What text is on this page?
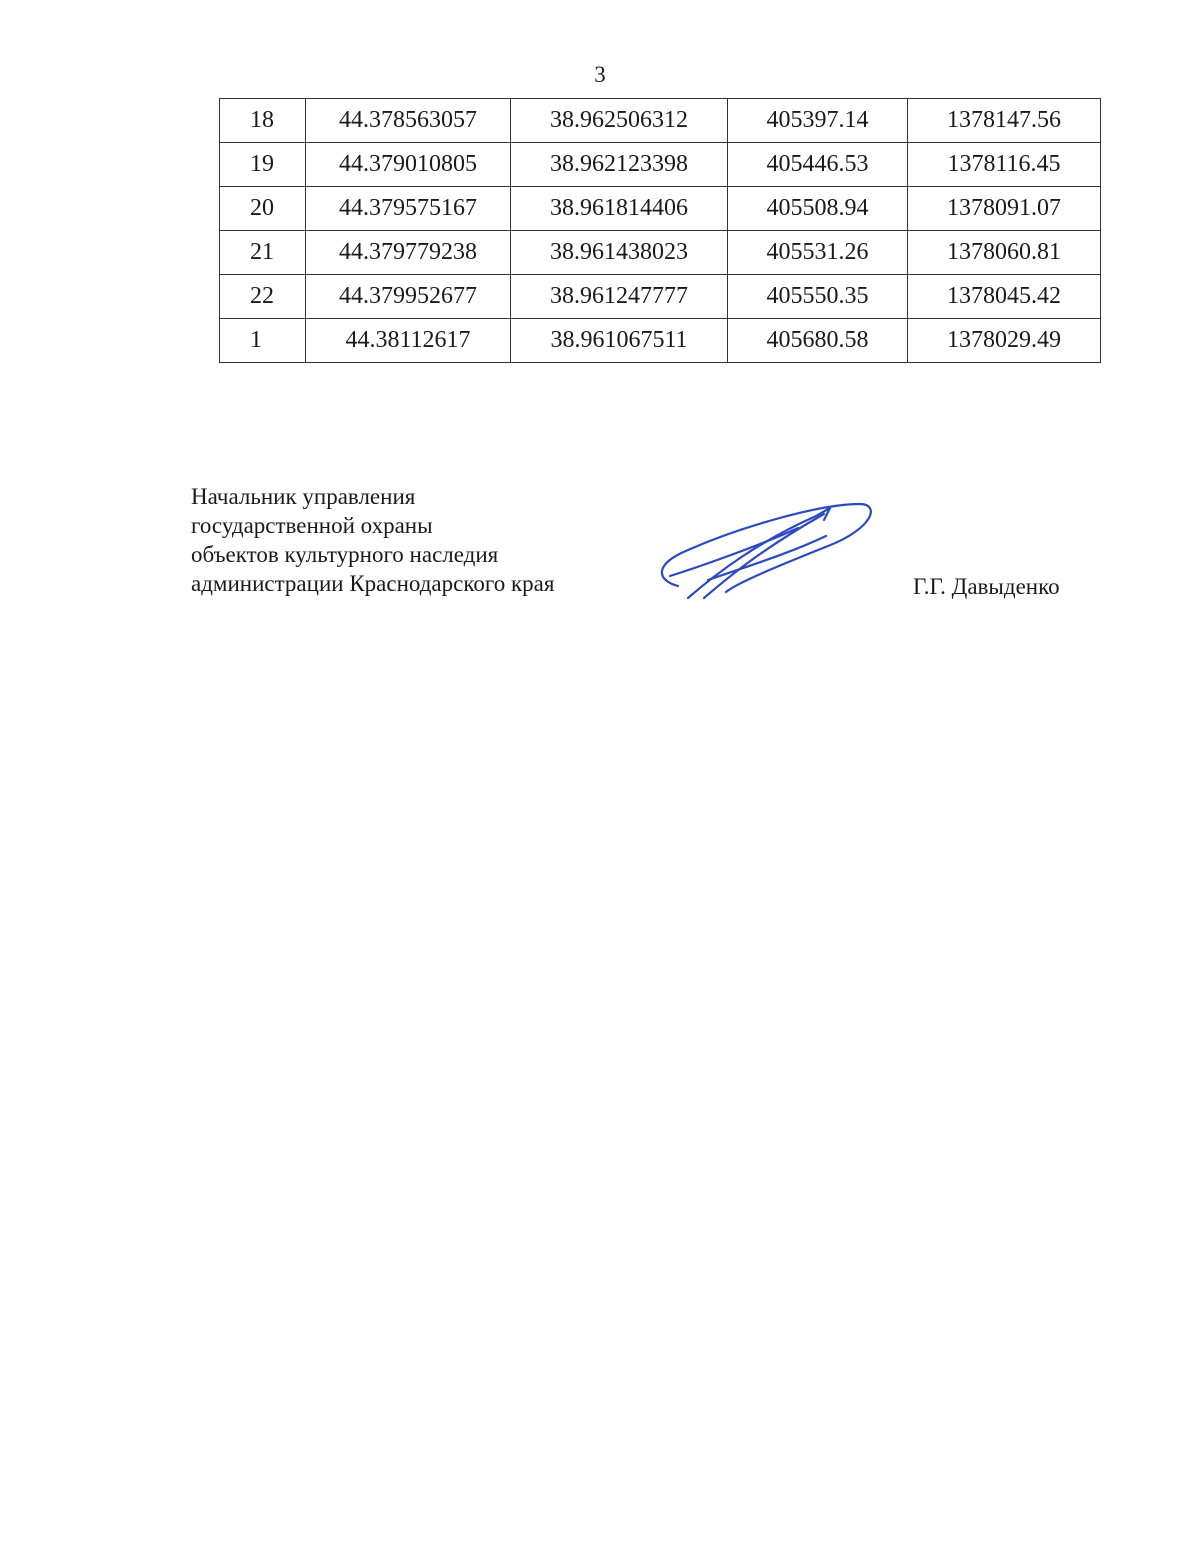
3
18	44.378563057	38.962506312	405397.14	1378147.56
19	44.379010805	38.962123398	405446.53	1378116.45
20	44.379575167	38.961814406	405508.94	1378091.07
21	44.379779238	38.961438023	405531.26	1378060.81
22	44.379952677	38.961247777	405550.35	1378045.42
1	44.38112617	38.961067511	405680.58	1378029.49
Начальник управления
государственной охраны
объектов культурного наследия
администрации Краснодарского края	Г.Г. Давыденко
